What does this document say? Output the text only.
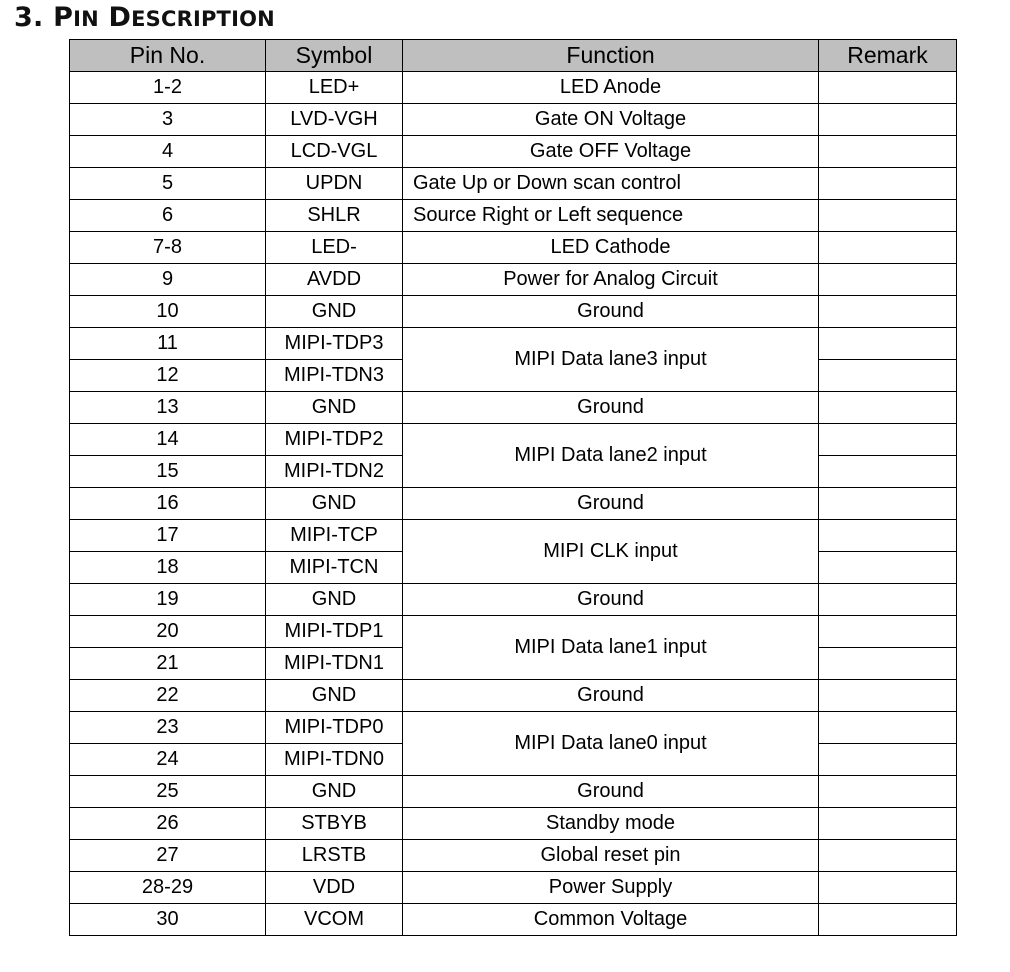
3. PIN DESCRIPTION
Pin No.	Symbol	Function	Remark
1-2	LED+	LED Anode	
3	LVD-VGH	Gate ON Voltage	
4	LCD-VGL	Gate OFF Voltage	
5	UPDN	Gate Up or Down scan control	
6	SHLR	Source Right or Left sequence	
7-8	LED-	LED Cathode	
9	AVDD	Power for Analog Circuit	
10	GND	Ground	
11	MIPI-TDP3	MIPI Data lane3 input	
12	MIPI-TDN3		
13	GND	Ground	
14	MIPI-TDP2	MIPI Data lane2 input	
15	MIPI-TDN2		
16	GND	Ground	
17	MIPI-TCP	MIPI CLK input	
18	MIPI-TCN		
19	GND	Ground	
20	MIPI-TDP1	MIPI Data lane1 input	
21	MIPI-TDN1		
22	GND	Ground	
23	MIPI-TDP0	MIPI Data lane0 input	
24	MIPI-TDN0		
25	GND	Ground	
26	STBYB	Standby mode	
27	LRSTB	Global reset pin	
28-29	VDD	Power Supply	
30	VCOM	Common Voltage	
